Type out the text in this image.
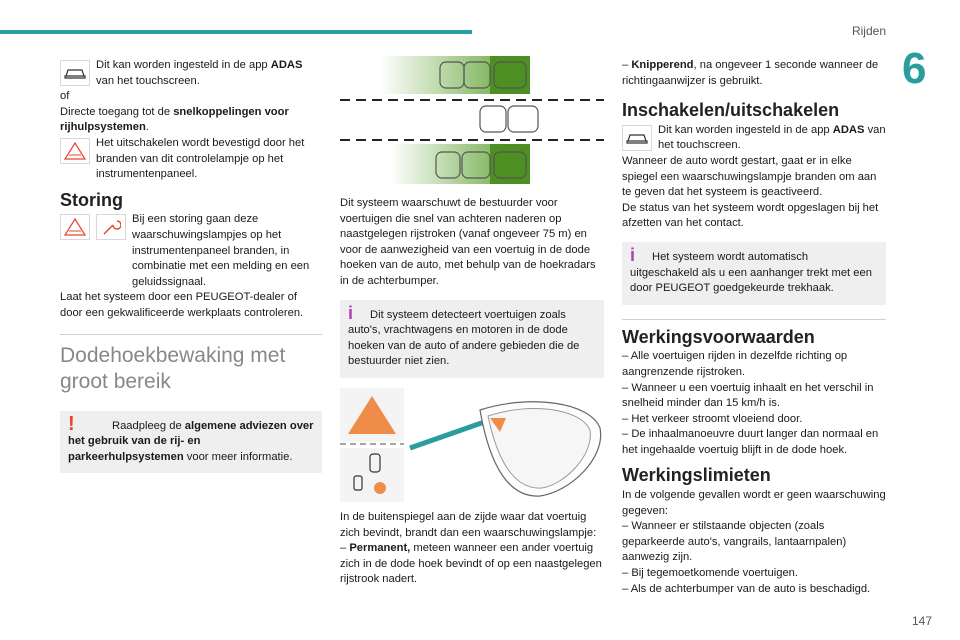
Rijden
6

Dit kan worden ingesteld in de app ADAS van het touchscreen.

of

Directe toegang tot de snelkoppelingen voor rijhulpsystemen.

Het uitschakelen wordt bevestigd door het branden van dit controlelampje op het instrumentenpaneel.

Storing

Bij een storing gaan deze waarschuwingslampjes op het instrumentenpaneel branden, in combinatie met een melding en een geluidssignaal.

Laat het systeem door een PEUGEOT-dealer of door een gekwalificeerde werkplaats controleren.

Dodehoekbewaking met groot bereik

!	Raadpleeg de algemene adviezen over het gebruik van de rij- en parkeerhulpsystemen voor meer informatie.

Dit systeem waarschuwt de bestuurder voor voertuigen die snel van achteren naderen op naastgelegen rijstroken (vanaf ongeveer 75 m) en voor de aanwezigheid van een voertuig in de dode hoeken van de auto, met behulp van de hoekradars in de achterbumper.

i	Dit systeem detecteert voertuigen zoals auto's, vrachtwagens en motoren in de dode hoeken van de auto of andere gebieden die de bestuurder niet zien.

In de buitenspiegel aan de zijde waar dat voertuig zich bevindt, brandt dan een waarschuwingslampje:

– Permanent, meteen wanneer een ander voertuig zich in de dode hoek bevindt of op een naastgelegen rijstrook nadert.

– Knipperend, na ongeveer 1 seconde wanneer de richtingaanwijzer is gebruikt.

Inschakelen/uitschakelen

Dit kan worden ingesteld in de app ADAS van het touchscreen.

Wanneer de auto wordt gestart, gaat er in elke spiegel een waarschuwingslampje branden om aan te geven dat het systeem is geactiveerd.

De status van het systeem wordt opgeslagen bij het afzetten van het contact.

i	Het systeem wordt automatisch uitgeschakeld als u een aanhanger trekt met een door PEUGEOT goedgekeurde trekhaak.

Werkingsvoorwaarden

– Alle voertuigen rijden in dezelfde richting op aangrenzende rijstroken.

– Wanneer u een voertuig inhaalt en het verschil in snelheid minder dan 15 km/h is.

– Het verkeer stroomt vloeiend door.

– De inhaalmanoeuvre duurt langer dan normaal en het ingehaalde voertuig blijft in de dode hoek.

Werkingslimieten

In de volgende gevallen wordt er geen waarschuwing gegeven:

– Wanneer er stilstaande objecten (zoals geparkeerde auto's, vangrails, lantaarnpalen) aanwezig zijn.

– Bij tegemoetkomende voertuigen.

– Als de achterbumper van de auto is beschadigd.

147
